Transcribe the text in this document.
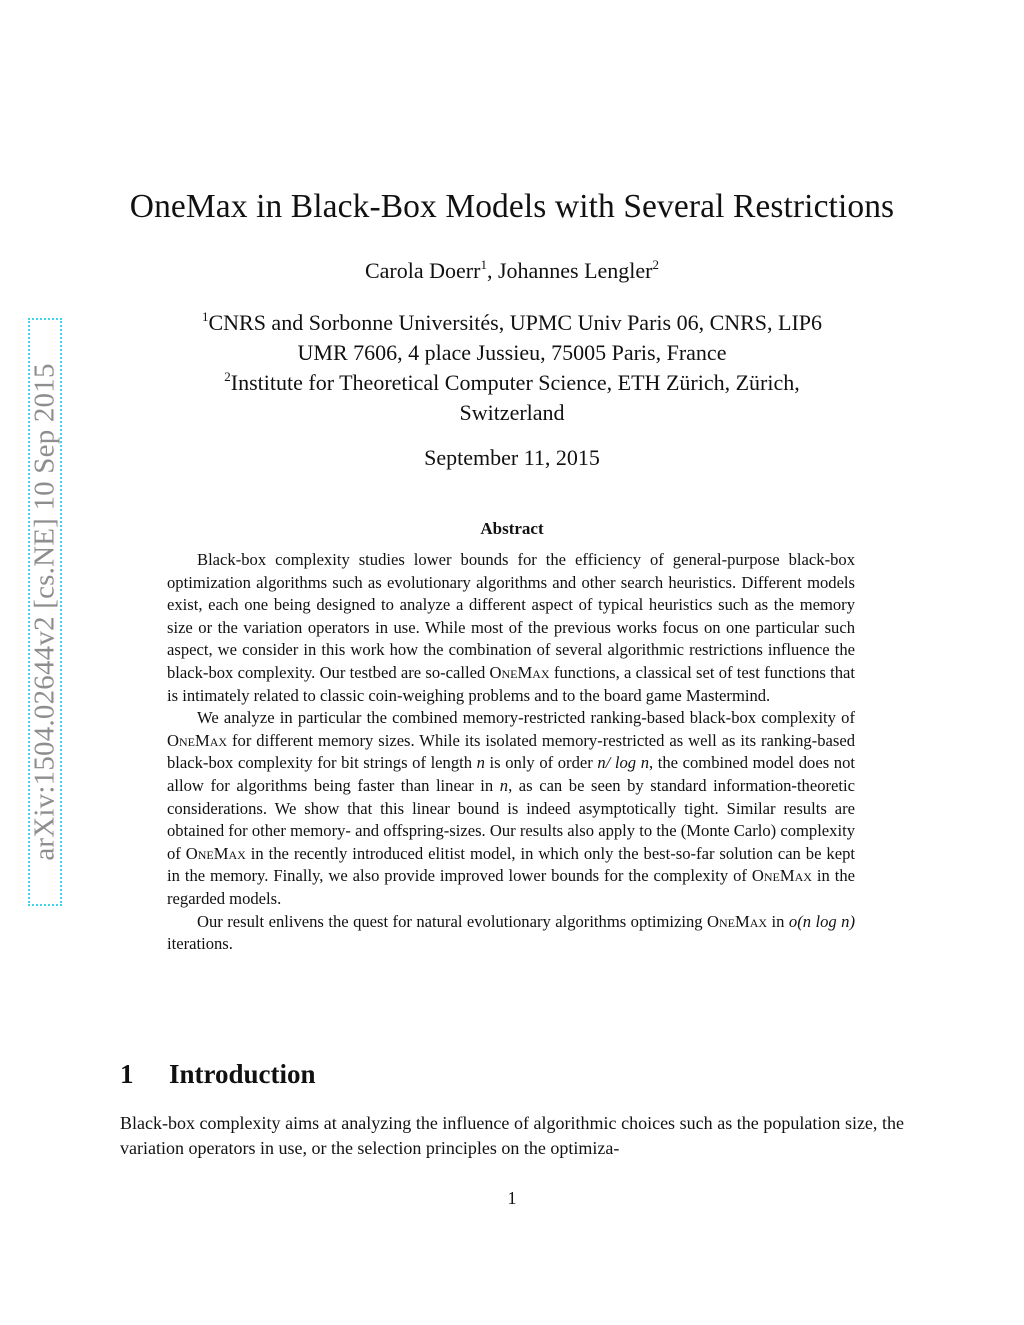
arXiv:1504.02644v2 [cs.NE] 10 Sep 2015
OneMax in Black-Box Models with Several Restrictions
Carola Doerr$^1$, Johannes Lengler$^2$
$^1$CNRS and Sorbonne Universités, UPMC Univ Paris 06, CNRS, LIP6
UMR 7606, 4 place Jussieu, 75005 Paris, France
$^2$Institute for Theoretical Computer Science, ETH Zürich, Zürich,
Switzerland
September 11, 2015
Abstract

Black-box complexity studies lower bounds for the efficiency of general-purpose black-box optimization algorithms such as evolutionary algorithms and other search heuristics. Different models exist, each one being designed to analyze a different aspect of typical heuristics such as the memory size or the variation operators in use. While most of the previous works focus on one particular such aspect, we consider in this work how the combination of several algorithmic restrictions influence the black-box complexity. Our testbed are so-called OneMax functions, a classical set of test functions that is intimately related to classic coin-weighing problems and to the board game Mastermind.

We analyze in particular the combined memory-restricted ranking-based black-box complexity of OneMax for different memory sizes. While its isolated memory-restricted as well as its ranking-based black-box complexity for bit strings of length n is only of order n/ log n, the combined model does not allow for algorithms being faster than linear in n, as can be seen by standard information-theoretic considerations. We show that this linear bound is indeed asymptotically tight. Similar results are obtained for other memory- and offspring-sizes. Our results also apply to the (Monte Carlo) complexity of OneMax in the recently introduced elitist model, in which only the best-so-far solution can be kept in the memory. Finally, we also provide improved lower bounds for the complexity of OneMax in the regarded models.

Our result enlivens the quest for natural evolutionary algorithms optimizing OneMax in o(n log n) iterations.

1 Introduction

Black-box complexity aims at analyzing the influence of algorithmic choices such as the population size, the variation operators in use, or the selection principles on the optimiza-

1
